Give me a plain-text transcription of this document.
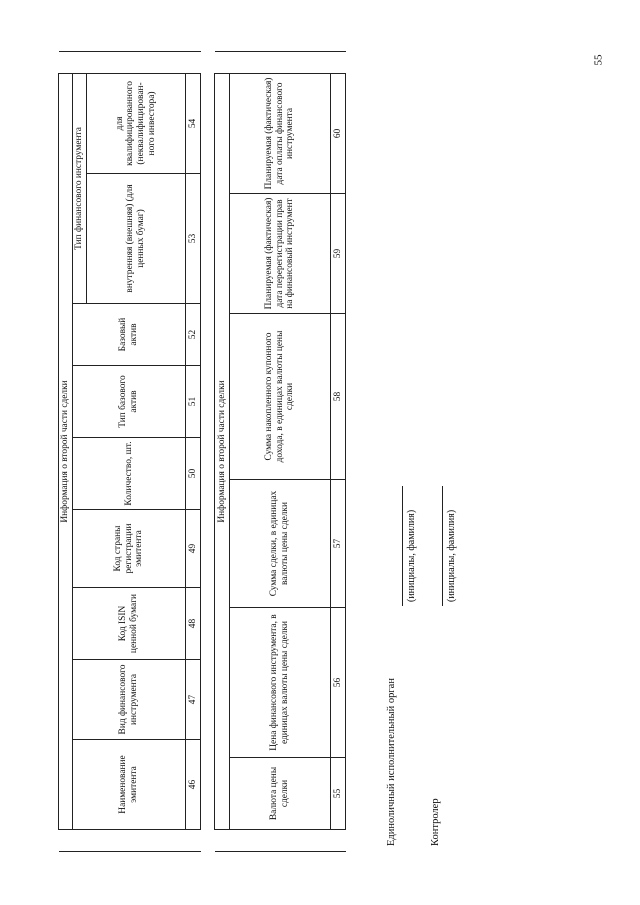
55
	Информация о второй части сделки									
	Наименование эмитента	Вид финансового инструмента	Код ISIN ценной бумаги	Код страны регистрации эмитента	Количество, шт.	Тип базового актив	Базовый актив	Тип финансового инструмента		
								внутренняя (внешняя) (для ценных бумаг)	для квалифицированного (неквалифицирован-ного инвестора)	
	46	47	48	49	50	51	52	53	54	
	Информация о второй части сделки						
	Валюта цены сделки	Цена финансового инструмента, в единицах валюты цены сделки	Сумма сделки, в единицах валюты цены сделки	Сумма накопленного купонного дохода, в единицах валюты цены сделки	Планируемая (фактическая) дата перерегистрации прав на финансовый инструмент	Планируемая (фактическая) дата оплаты финансового инструмента	

	55	56	57	58	59	60	
Единоличный исполнительный орган
(инициалы, фамилия)
Контролер
(инициалы, фамилия)
